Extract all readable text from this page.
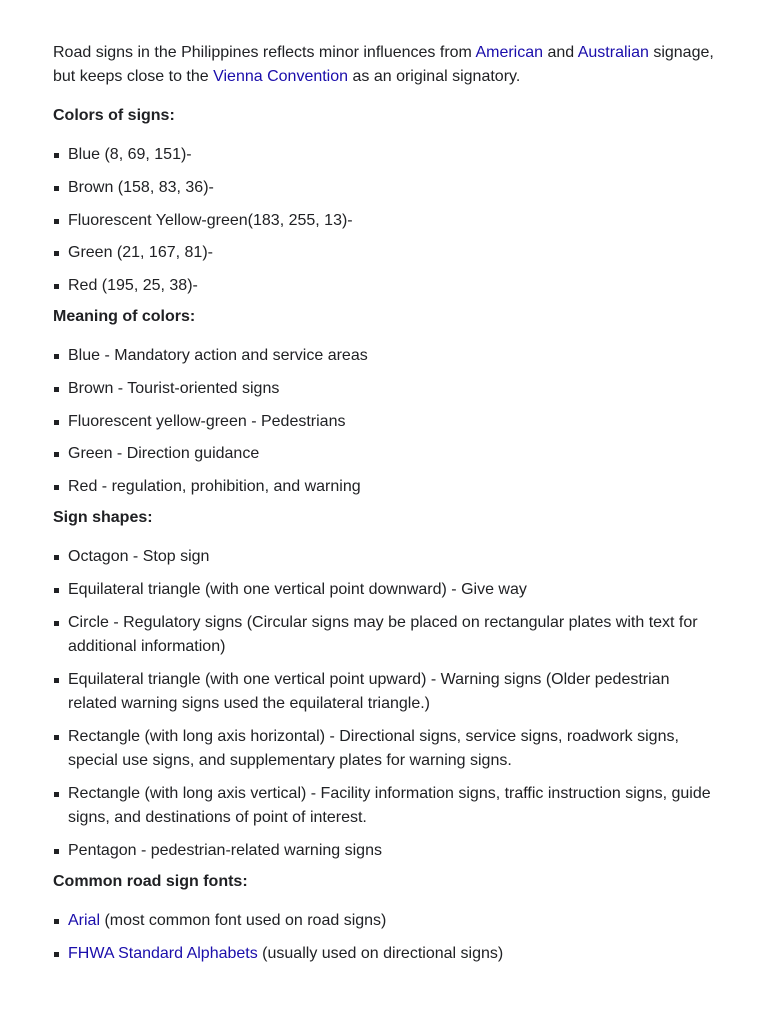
Road signs in the Philippines reflects minor influences from American and Australian signage, but keeps close to the Vienna Convention as an original signatory.

Colors of signs:
Blue (8, 69, 151)-
Brown (158, 83, 36)-
Fluorescent Yellow-green(183, 255, 13)-
Green (21, 167, 81)-
Red (195, 25, 38)-
Meaning of colors:
Blue - Mandatory action and service areas
Brown - Tourist-oriented signs
Fluorescent yellow-green - Pedestrians
Green - Direction guidance
Red - regulation, prohibition, and warning
Sign shapes:
Octagon - Stop sign
Equilateral triangle (with one vertical point downward) - Give way
Circle - Regulatory signs (Circular signs may be placed on rectangular plates with text for additional information)
Equilateral triangle (with one vertical point upward) - Warning signs (Older pedestrian related warning signs used the equilateral triangle.)
Rectangle (with long axis horizontal) - Directional signs, service signs, roadwork signs, special use signs, and supplementary plates for warning signs.
Rectangle (with long axis vertical) - Facility information signs, traffic instruction signs, guide signs, and destinations of point of interest.
Pentagon - pedestrian-related warning signs
Common road sign fonts:
Arial (most common font used on road signs)
FHWA Standard Alphabets (usually used on directional signs)
